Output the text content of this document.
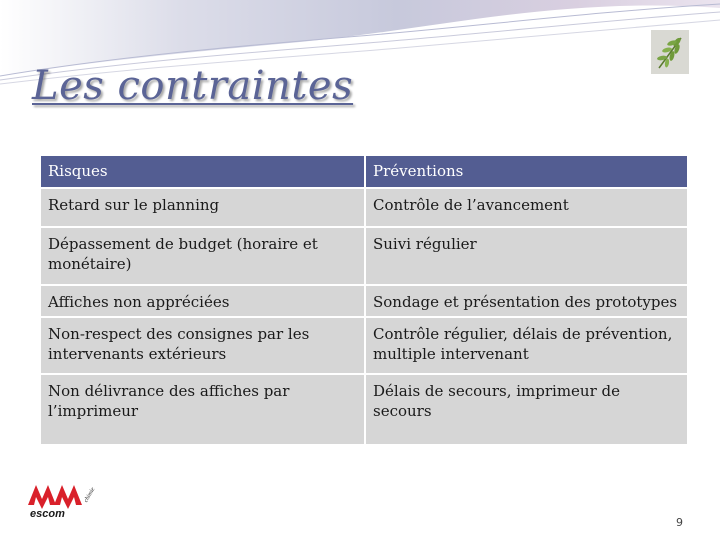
Les contraintes
Risques	Préventions
Retard sur le planning	Contrôle de l’avancement
Dépassement de budget (horaire et monétaire)	Suivi régulier
Affiches non appréciées	Sondage et présentation des prototypes
Non-respect des consignes par les intervenants extérieurs	Contrôle régulier, délais de prévention, multiple intervenant
Non délivrance des affiches par l’imprimeur	Délais de secours, imprimeur de secours
escom
chimie
9
